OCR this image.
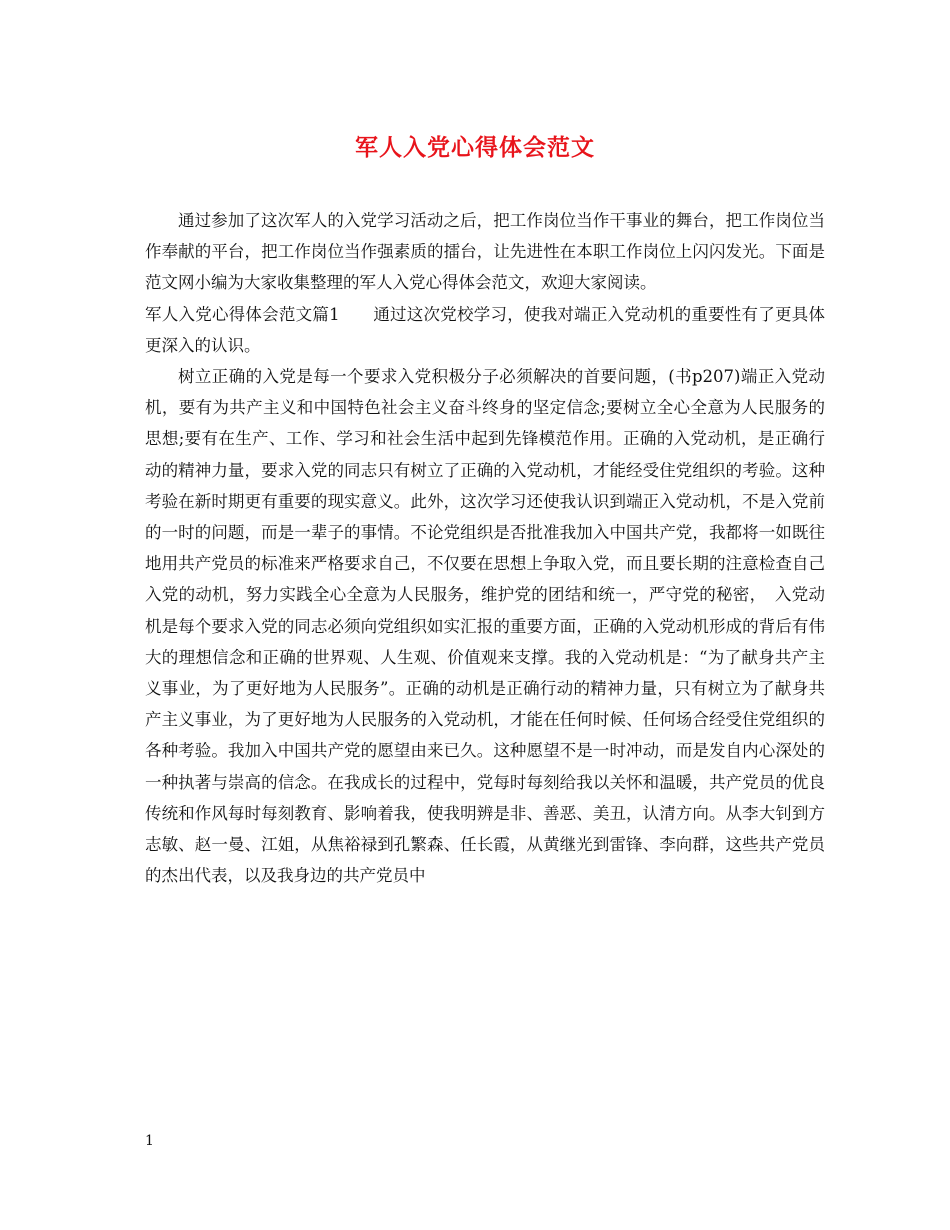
军人入党心得体会范文

通过参加了这次军人的入党学习活动之后，把工作岗位当作干事业的舞台，把工作岗位当作奉献的平台，把工作岗位当作强素质的擂台，让先进性在本职工作岗位上闪闪发光。下面是范文网小编为大家收集整理的军人入党心得体会范文，欢迎大家阅读。

军人入党心得体会范文篇1　　通过这次党校学习，使我对端正入党动机的重要性有了更具体更深入的认识。

树立正确的入党是每一个要求入党积极分子必须解决的首要问题，(书p207)端正入党动机，要有为共产主义和中国特色社会主义奋斗终身的坚定信念;要树立全心全意为人民服务的思想;要有在生产、工作、学习和社会生活中起到先锋模范作用。正确的入党动机，是正确行动的精神力量，要求入党的同志只有树立了正确的入党动机，才能经受住党组织的考验。这种考验在新时期更有重要的现实意义。此外，这次学习还使我认识到端正入党动机，不是入党前的一时的问题，而是一辈子的事情。不论党组织是否批准我加入中国共产党，我都将一如既往地用共产党员的标准来严格要求自己，不仅要在思想上争取入党，而且要长期的注意检查自己入党的动机，努力实践全心全意为人民服务，维护党的团结和统一，严守党的秘密，　入党动机是每个要求入党的同志必须向党组织如实汇报的重要方面，正确的入党动机形成的背后有伟大的理想信念和正确的世界观、人生观、价值观来支撑。我的入党动机是：“为了献身共产主义事业，为了更好地为人民服务”。正确的动机是正确行动的精神力量，只有树立为了献身共产主义事业，为了更好地为人民服务的入党动机，才能在任何时候、任何场合经受住党组织的各种考验。我加入中国共产党的愿望由来已久。这种愿望不是一时冲动，而是发自内心深处的一种执著与崇高的信念。在我成长的过程中，党每时每刻给我以关怀和温暖，共产党员的优良传统和作风每时每刻教育、影响着我，使我明辨是非、善恶、美丑，认清方向。从李大钊到方志敏、赵一曼、江姐，从焦裕禄到孔繁森、任长霞，从黄继光到雷锋、李向群，这些共产党员的杰出代表，以及我身边的共产党员中

1
